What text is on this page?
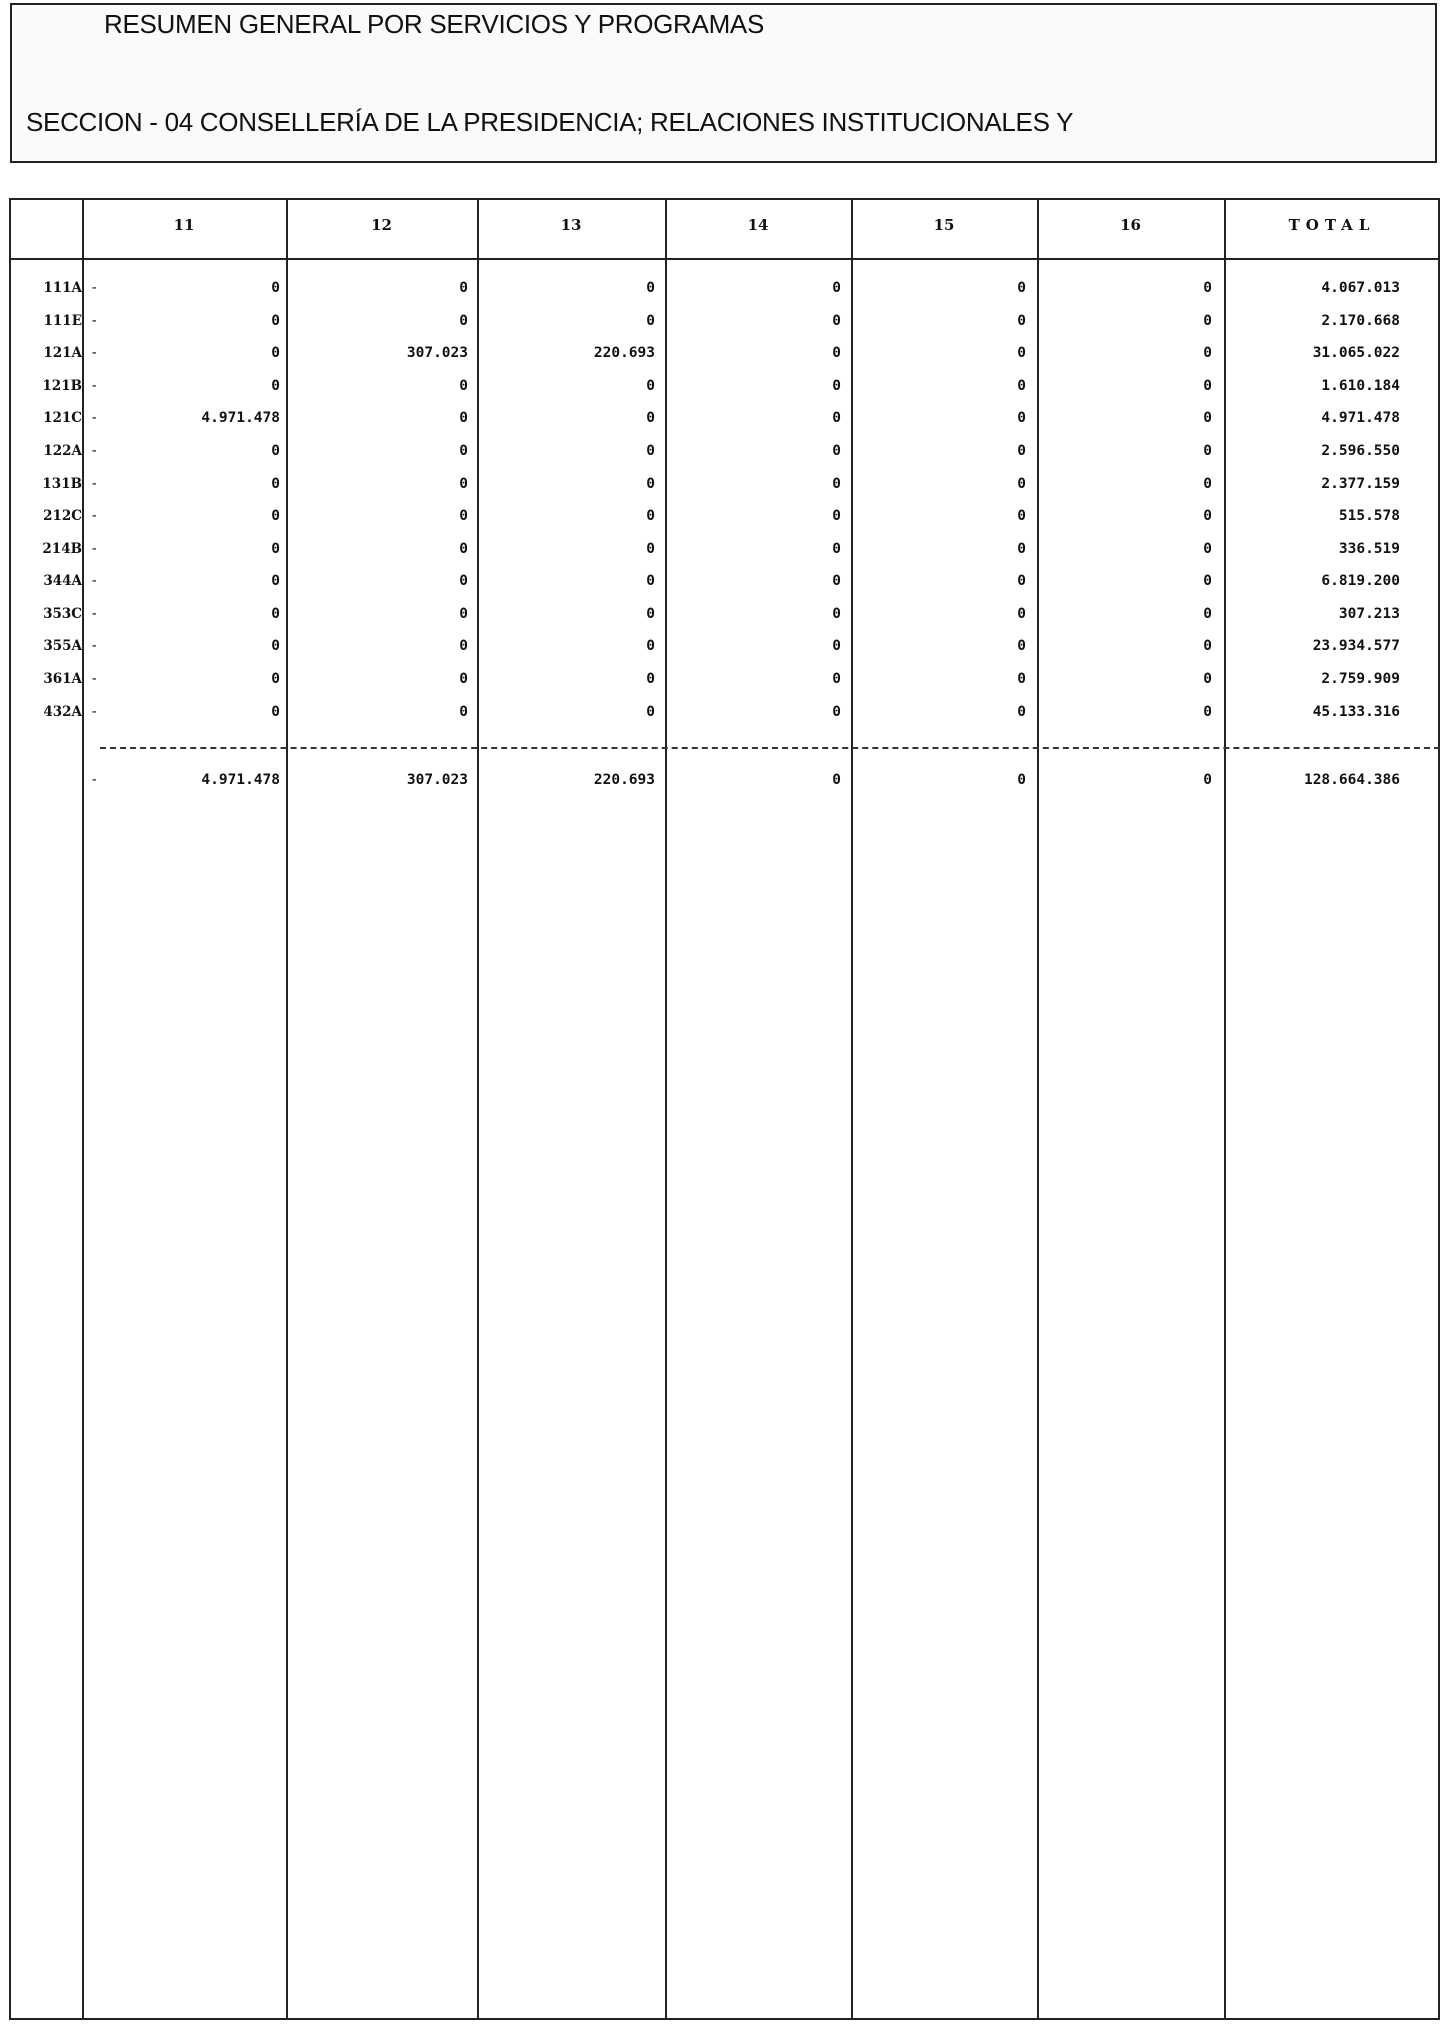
RESUMEN GENERAL POR SERVICIOS Y PROGRAMAS
SECCION - 04 CONSELLERÍA DE LA PRESIDENCIA; RELACIONES INSTITUCIONALES Y
11	12	13	14	15	16	TOTAL
111A -	0	0	0	0	0	0	4.067.013
111E -	0	0	0	0	0	0	2.170.668
121A -	0	307.023	220.693	0	0	0	31.065.022
121B -	0	0	0	0	0	0	1.610.184
121C -	4.971.478	0	0	0	0	0	4.971.478
122A -	0	0	0	0	0	0	2.596.550
131B -	0	0	0	0	0	0	2.377.159
212C -	0	0	0	0	0	0	515.578
214B -	0	0	0	0	0	0	336.519
344A -	0	0	0	0	0	0	6.819.200
353C -	0	0	0	0	0	0	307.213
355A -	0	0	0	0	0	0	23.934.577
361A -	0	0	0	0	0	0	2.759.909
432A -	0	0	0	0	0	0	45.133.316
-	4.971.478	307.023	220.693	0	0	0	128.664.386
